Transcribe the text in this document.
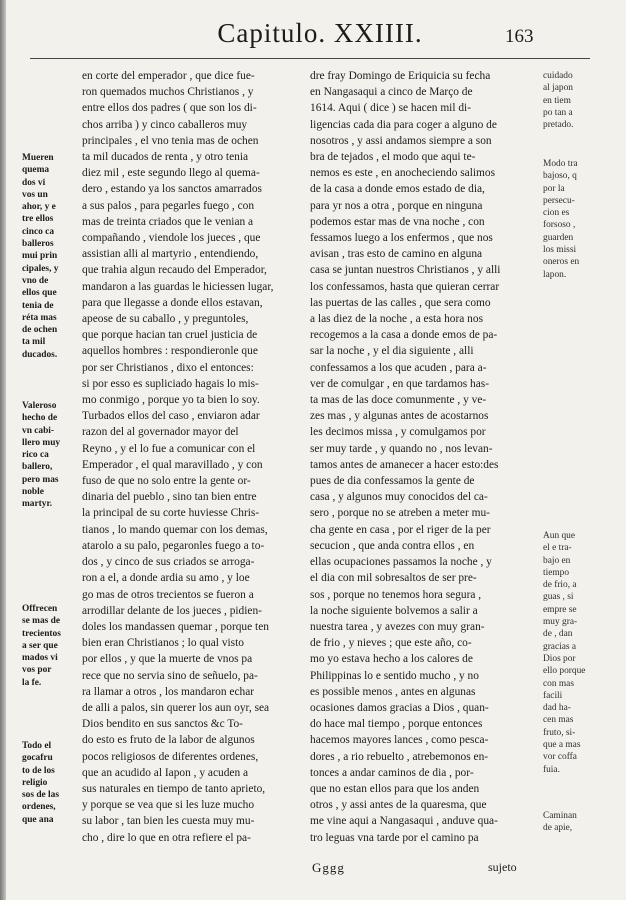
Capitulo. XXIIII.	163
en corte del emperador , que dice fue-
ron quemados muchos Christianos , y
entre ellos dos padres ( que son los di-
chos arriba ) y cinco caballeros muy
principales , el vno tenia mas de ochen
ta mil ducados de renta , y otro tenia
diez mil , este segundo llego al quema-
dero , estando ya los sanctos amarrados
a sus palos , para pegarles fuego , con
mas de treinta criados que le venian a
compañando , viendole los jueces , que
assistian alli al martyrio , entendiendo,
que trahia algun recaudo del Emperador,
mandaron a las guardas le hiciessen lugar,
para que llegasse a donde ellos estavan,
apeose de su caballo , y preguntoles,
que porque hacian tan cruel justicia de
aquellos hombres : respondieronle que
por ser Christianos , dixo el entonces:
si por esso es supliciado hagais lo mis-
mo conmigo , porque yo ta bien lo soy.
Turbados ellos del caso , enviaron adar
razon del al governador mayor del
Reyno , y el lo fue a comunicar con el
Emperador , el qual maravillado , y con
fuso de que no solo entre la gente or-
dinaria del pueblo , sino tan bien entre
la principal de su corte huviesse Chris-
tianos , lo mando quemar con los demas,
atarolo a su palo, pegaronles fuego a to-
dos , y cinco de sus criados se arroga-
ron a el, a donde ardia su amo , y loe
go mas de otros trecientos se fueron a
arrodillar delante de los jueces , pidien-
doles los mandassen quemar , porque ten
bien eran Christianos ; lo qual visto
por ellos , y que la muerte de vnos pa
rece que no servia sino de señuelo, pa-
ra llamar a otros , los mandaron echar
de alli a palos, sin querer los aun oyr, sea
Dios bendito en sus sanctos &c To-
do esto es fruto de la labor de algunos
pocos religiosos de diferentes ordenes,
que an acudido al Iapon , y acuden a
sus naturales en tiempo de tanto aprieto,
y porque se vea que si les luze mucho
su labor , tan bien les cuesta muy mu-
cho , dire lo que en otra refiere el pa-
dre fray Domingo de Eriquicia su fecha
en Nangasaqui a cinco de Março de
1614. Aqui ( dice ) se hacen mil di-
ligencias cada dia para coger a alguno de
nosotros , y assi andamos siempre a son
bra de tejados , el modo que aqui te-
nemos es este , en anocheciendo salimos
de la casa a donde emos estado de dia,
para yr nos a otra , porque en ninguna
podemos estar mas de vna noche , con
fessamos luego a los enfermos , que nos
avisan , tras esto de camino en alguna
casa se juntan nuestros Christianos , y alli
los confessamos, hasta que quieran cerrar
las puertas de las calles , que sera como
a las diez de la noche , a esta hora nos
recogemos a la casa a donde emos de pa-
sar la noche , y el dia siguiente , alli
confessamos a los que acuden , para a-
ver de comulgar , en que tardamos has-
ta mas de las doce comunmente , y ve-
zes mas , y algunas antes de acostarnos
les decimos missa , y comulgamos por
ser muy tarde , y quando no , nos levan-
tamos antes de amanecer a hacer esto:des
pues de dia confessamos la gente de
casa , y algunos muy conocidos del ca-
sero , porque no se atreben a meter mu-
cha gente en casa , por el riger de la per
secucion , que anda contra ellos , en
ellas ocupaciones passamos la noche , y
el dia con mil sobresaltos de ser pre-
sos , porque no tenemos hora segura ,
la noche siguiente bolvemos a salir a
nuestra tarea , y avezes con muy gran-
de frio , y nieves ; que este año, co-
mo yo estava hecho a los calores de
Philippinas lo e sentido mucho , y no
es possible menos , antes en algunas
ocasiones damos gracias a Dios , quan-
do hace mal tiempo , porque entonces
hacemos mayores lances , como pesca-
dores , a rio rebuelto , atrebemonos en-
tonces a andar caminos de dia , por-
que no estan ellos para que los anden
otros , y assi antes de la quaresma, que
me vine aqui a Nangasaqui , anduve qua-
tro leguas vna tarde por el camino pa
Mueren
quema
dos vi
vos un
ahor, y e
tre ellos
cinco ca
balleros
mui prin
cipales, y
vno de
ellos que
tenia de
réta mas
de ochen
ta mil
ducados.
Valeroso
hecho de
vn cabi-
llero muy
rico ca
ballero,
pero mas
noble
martyr.
Offrecen
se mas de
trecientos
a ser que
mados vi
vos por
la fe.
Todo el
gocafru
to de los
religio
sos de las
ordenes,
que ana
cuidado
al japon
en tiem
po tan a
pretado.
Modo tra
bajoso, q
por la
persecu-
cion es
forsoso ,
guarden
los missi
oneros en
lapon.
Aun que
el e tra-
bajo en
tiempo
de frio, a
guas , si
empre se
muy gra-
de , dan
gracias a
Dios por
ello porque
con mas
facili
dad ha-
cen mas
fruto, si-
que a mas
vor coffa
fuia.
Caminan
de apie,
Gggg	sujeto
